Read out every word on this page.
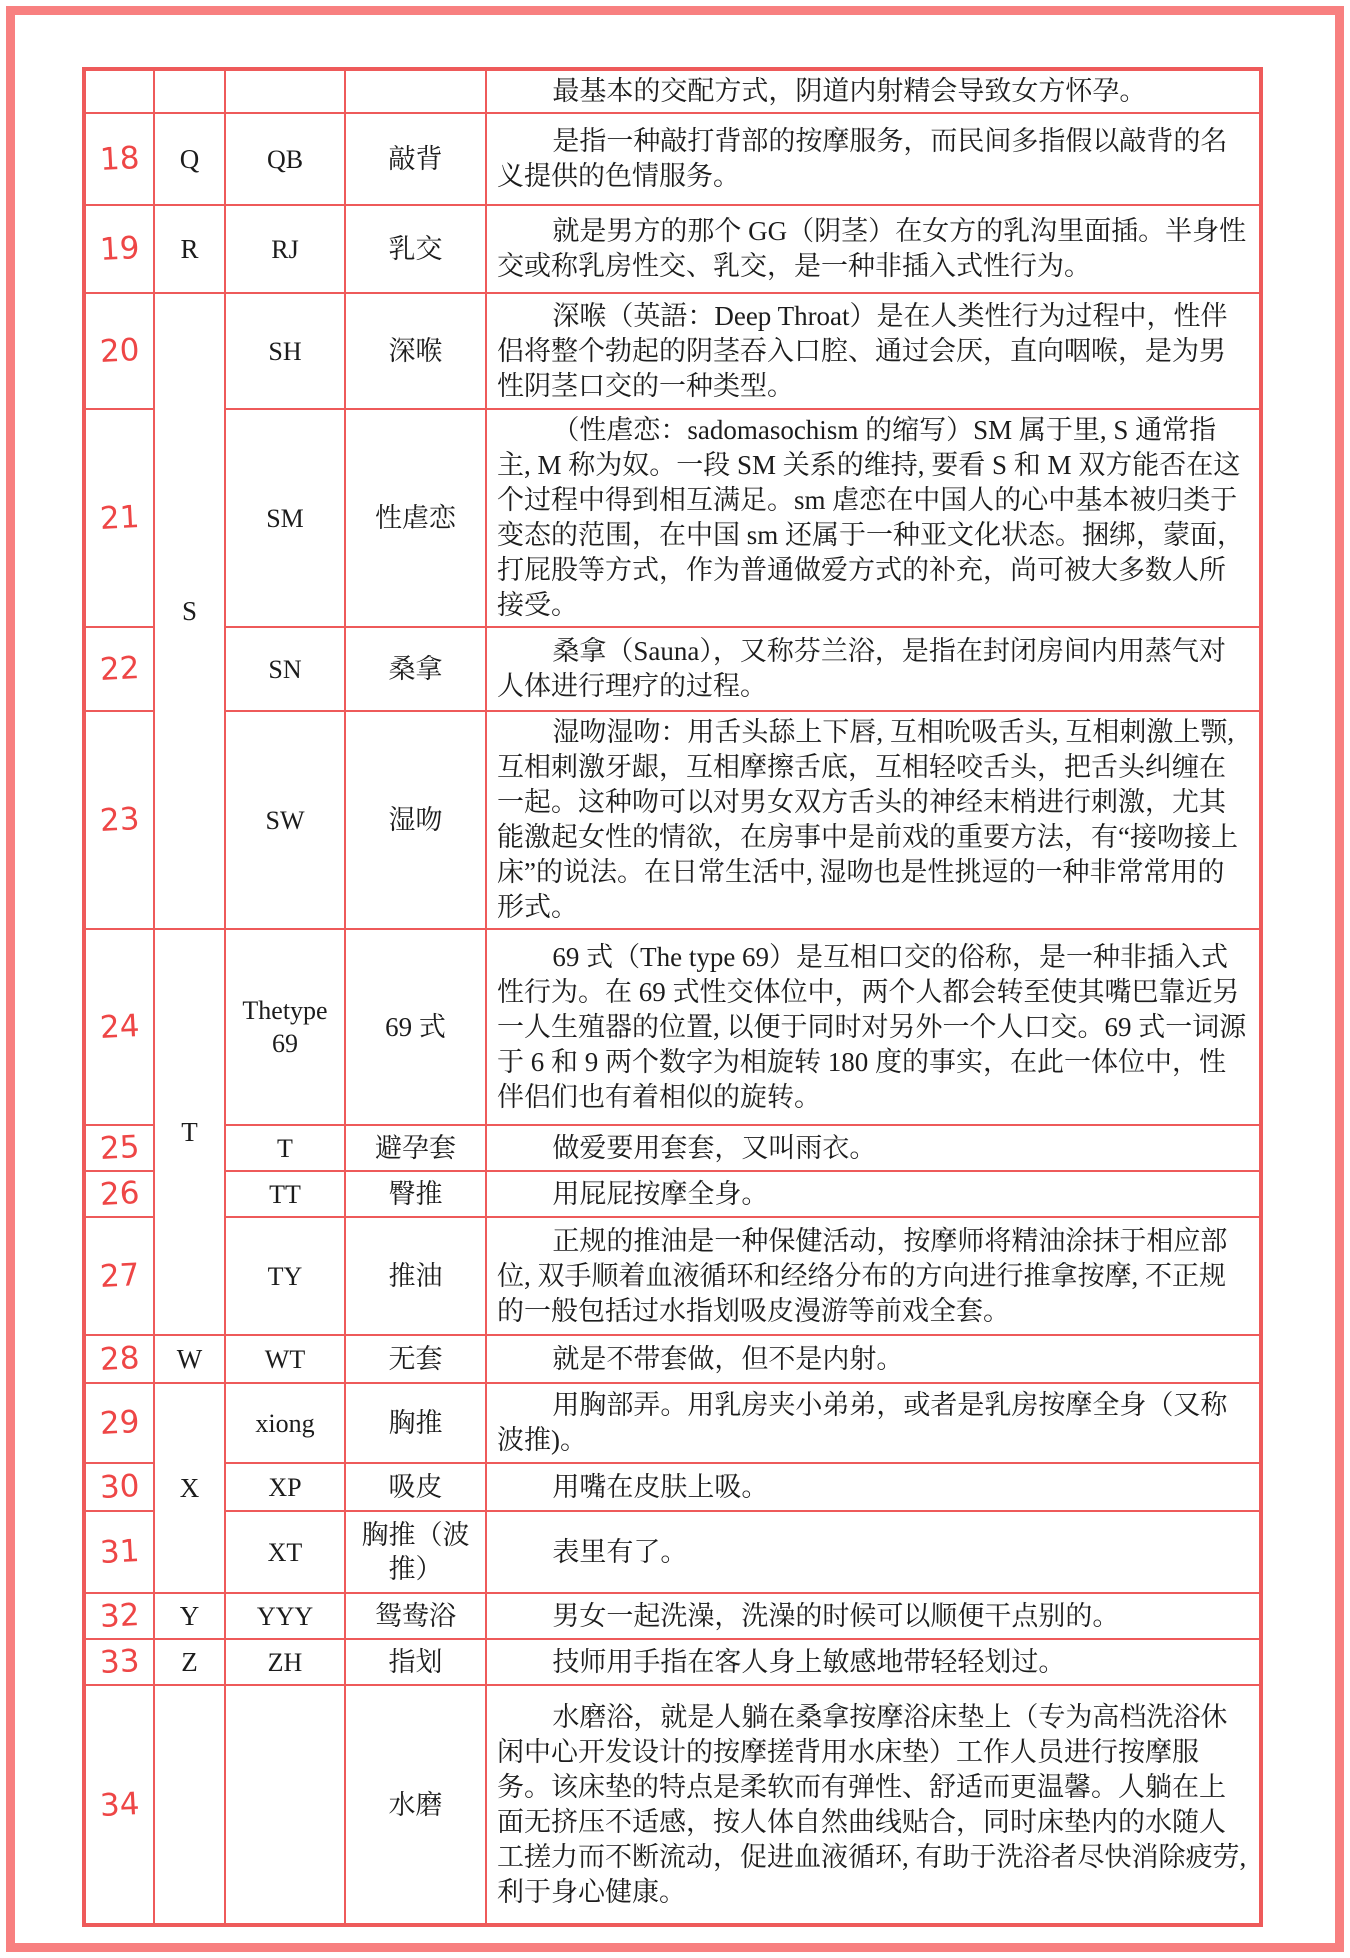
				最基本的交配方式，阴道内射精会导致女方怀孕。

18	Q	QB	敲背	是指一种敲打背部的按摩服务，而民间多指假以敲背的名义提供的色情服务。

19	R	RJ	乳交	就是男方的那个 GG（阴茎）在女方的乳沟里面插。半身性交或称乳房性交、乳交，是一种非插入式性行为。

20	S	SH	深喉	深喉（英語：Deep Throat）是在人类性行为过程中，性伴侣将整个勃起的阴茎吞入口腔、通过会厌，直向咽喉，是为男性阴茎口交的一种类型。

21		SM	性虐恋	（性虐恋：sadomasochism 的缩写）SM 属于里, S 通常指主, M 称为奴。一段 SM 关系的维持, 要看 S 和 M 双方能否在这个过程中得到相互满足。sm 虐恋在中国人的心中基本被归类于变态的范围，在中国 sm 还属于一种亚文化状态。捆绑，蒙面，打屁股等方式，作为普通做爱方式的补充，尚可被大多数人所接受。

22		SN	桑拿	桑拿（Sauna），又称芬兰浴，是指在封闭房间内用蒸气对人体进行理疗的过程。

23		SW	湿吻	湿吻湿吻：用舌头舔上下唇, 互相吮吸舌头, 互相刺激上颚, 互相刺激牙龈，互相摩擦舌底，互相轻咬舌头，把舌头纠缠在一起。这种吻可以对男女双方舌头的神经末梢进行刺激，尤其能激起女性的情欲，在房事中是前戏的重要方法，有“接吻接上床”的说法。在日常生活中, 湿吻也是性挑逗的一种非常常用的形式。

24	T	Thetype 69	69 式	69 式（The type 69）是互相口交的俗称，是一种非插入式性行为。在 69 式性交体位中，两个人都会转至使其嘴巴靠近另一人生殖器的位置, 以便于同时对另外一个人口交。69 式一词源于 6 和 9 两个数字为相旋转 180 度的事实，在此一体位中，性伴侣们也有着相似的旋转。

25		T	避孕套	做爱要用套套，又叫雨衣。

26		TT	臀推	用屁屁按摩全身。

27		TY	推油	正规的推油是一种保健活动，按摩师将精油涂抹于相应部位, 双手顺着血液循环和经络分布的方向进行推拿按摩, 不正规的一般包括过水指划吸皮漫游等前戏全套。

28	W	WT	无套	就是不带套做，但不是内射。

29	X	xiong	胸推	用胸部弄。用乳房夹小弟弟，或者是乳房按摩全身（又称波推)。

30		XP	吸皮	用嘴在皮肤上吸。

31		XT	胸推（波推）	表里有了。

32	Y	YYY	鸳鸯浴	男女一起洗澡，洗澡的时候可以顺便干点别的。

33	Z	ZH	指划	技师用手指在客人身上敏感地带轻轻划过。

34			水磨	水磨浴，就是人躺在桑拿按摩浴床垫上（专为高档洗浴休闲中心开发设计的按摩搓背用水床垫）工作人员进行按摩服务。该床垫的特点是柔软而有弹性、舒适而更温馨。人躺在上面无挤压不适感，按人体自然曲线贴合，同时床垫内的水随人工搓力而不断流动，促进血液循环, 有助于洗浴者尽快消除疲劳,利于身心健康。
